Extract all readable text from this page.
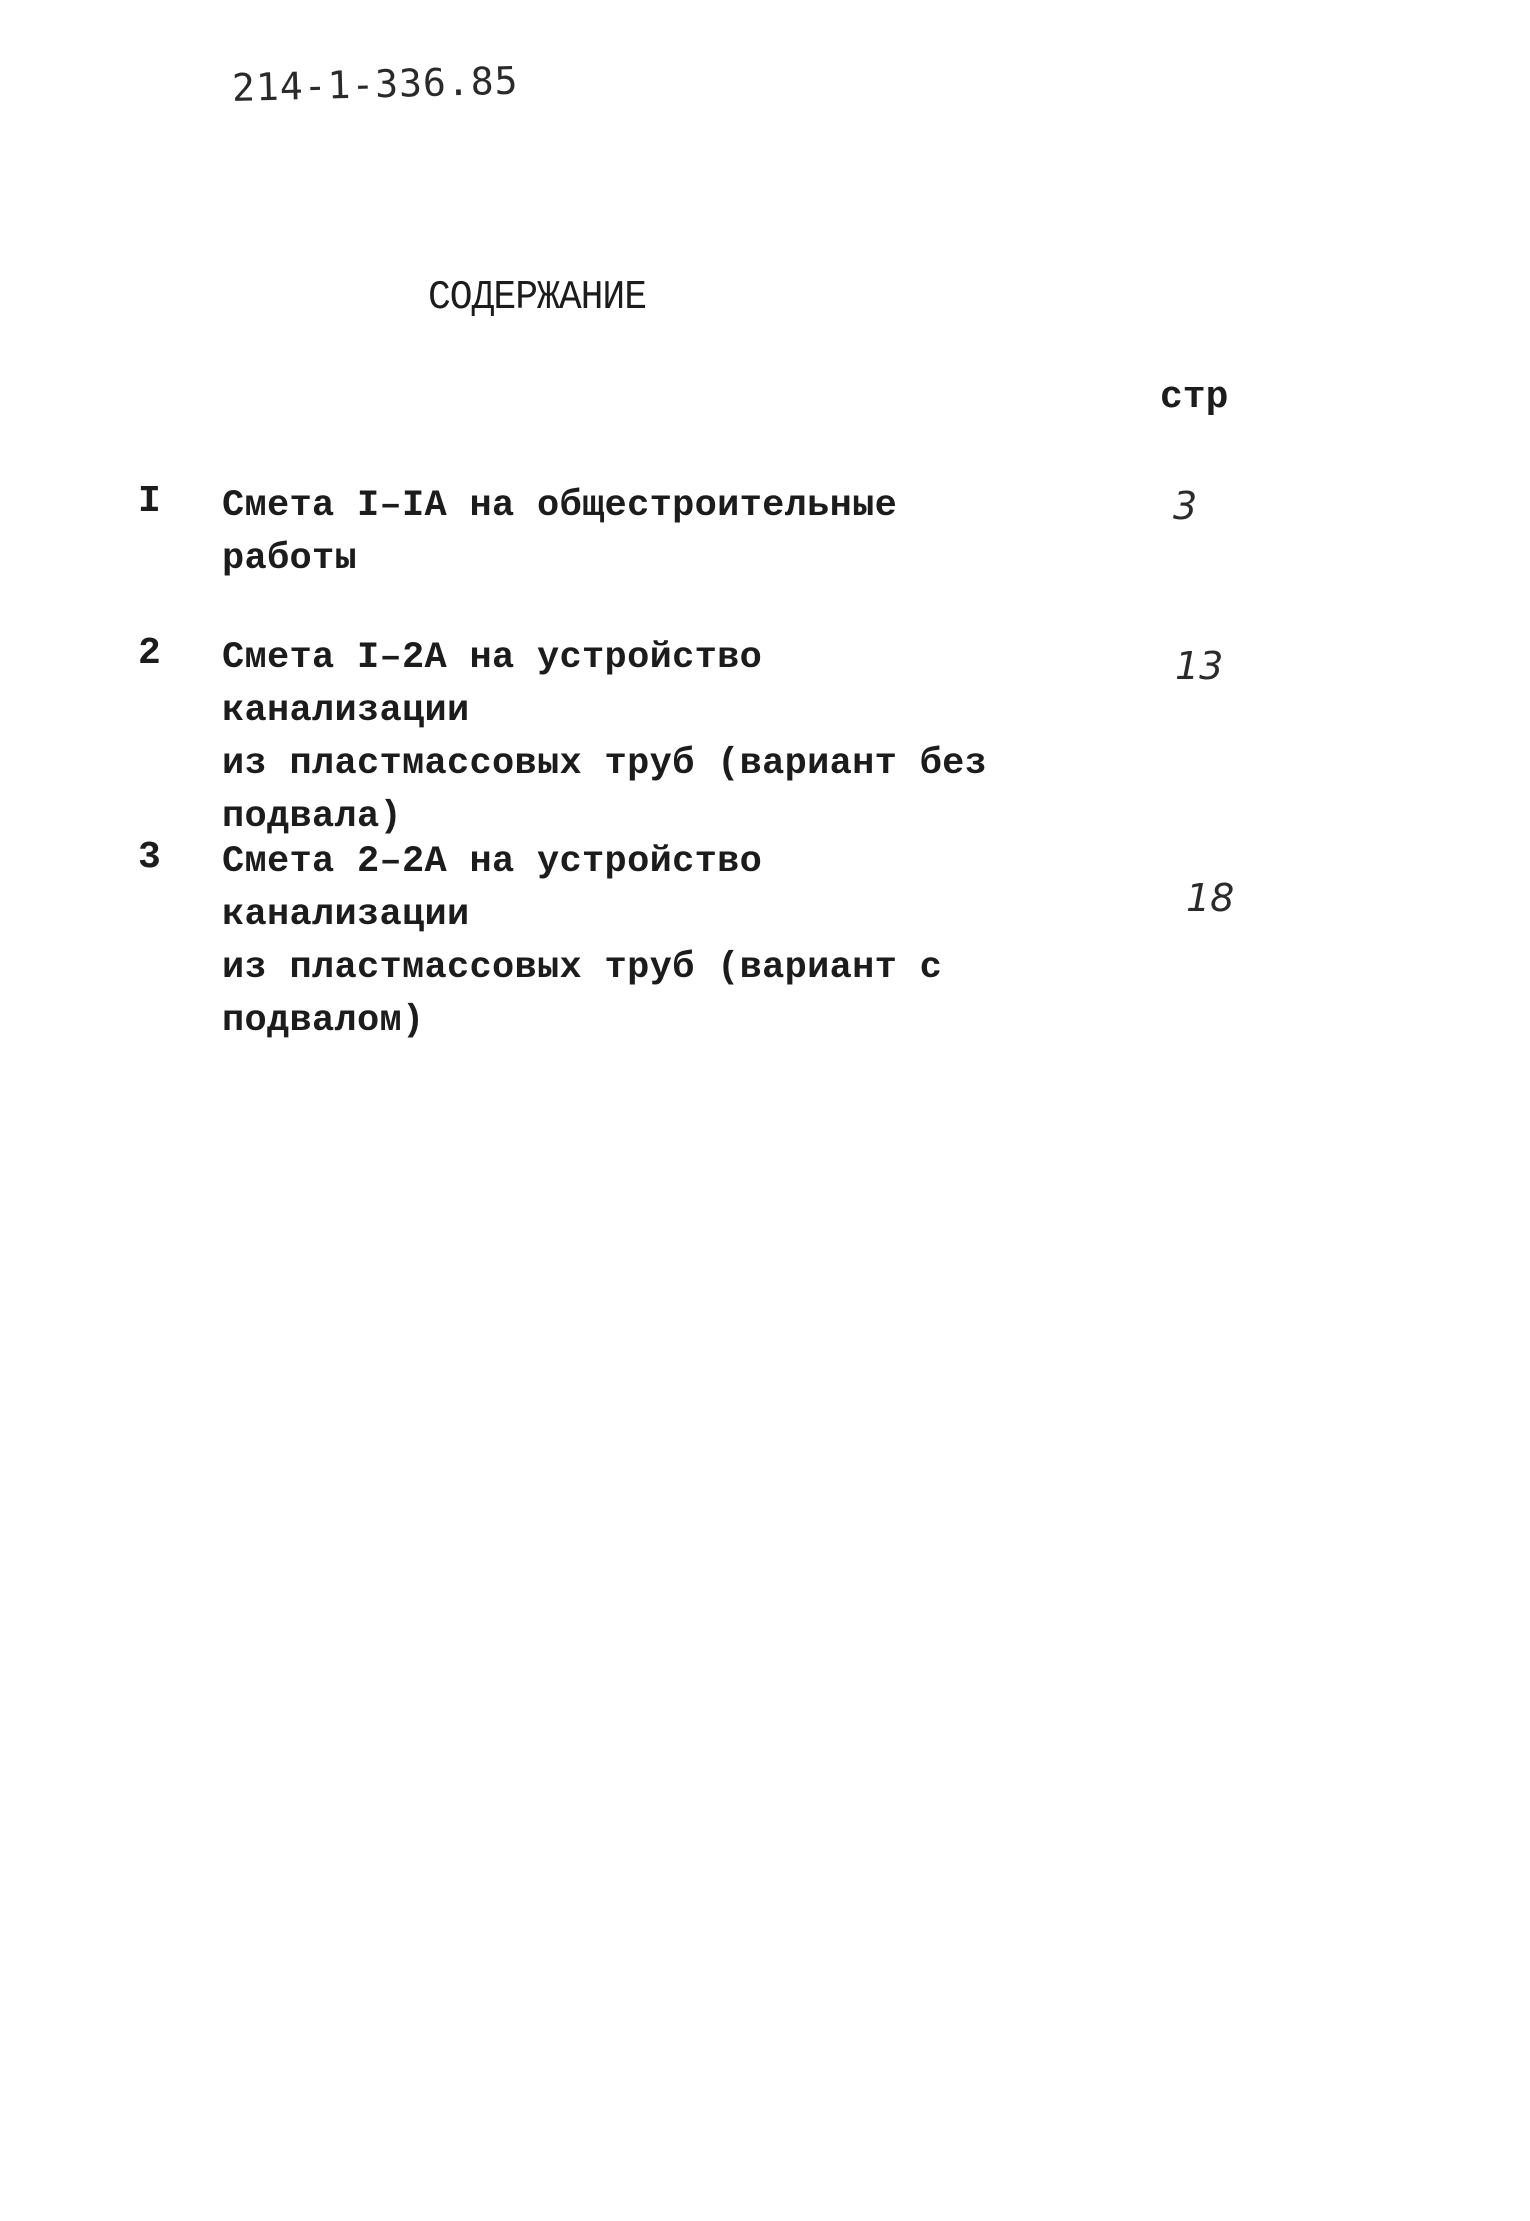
214-1-336.85
СОДЕРЖАНИЕ
стр
I Смета I–IA на общестроительные
работы
3
2 Смета I–2A на устройство канализации
из пластмассовых труб (вариант без
подвала)
13
3 Смета 2–2A на устройство канализации
из пластмассовых труб (вариант с
подвалом)
18
